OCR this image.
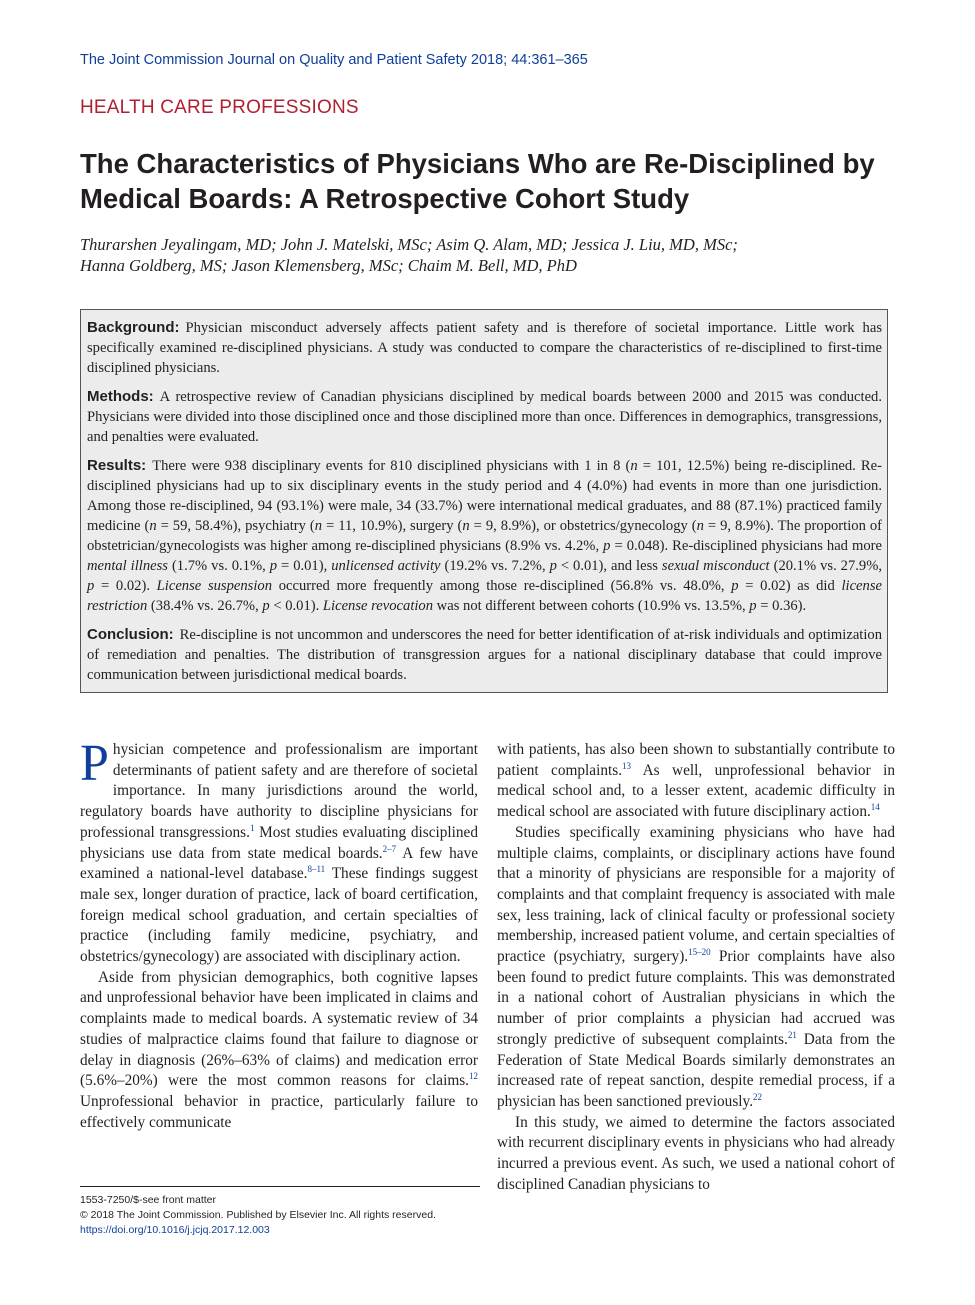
The Joint Commission Journal on Quality and Patient Safety 2018; 44:361–365
HEALTH CARE PROFESSIONS
The Characteristics of Physicians Who are Re-Disciplined by Medical Boards: A Retrospective Cohort Study
Thurarshen Jeyalingam, MD; John J. Matelski, MSc; Asim Q. Alam, MD; Jessica J. Liu, MD, MSc;
Hanna Goldberg, MS; Jason Klemensberg, MSc; Chaim M. Bell, MD, PhD

Background: Physician misconduct adversely affects patient safety and is therefore of societal importance. Little work has specifically examined re-disciplined physicians. A study was conducted to compare the characteristics of re-disciplined to first-time disciplined physicians.

Methods: A retrospective review of Canadian physicians disciplined by medical boards between 2000 and 2015 was conducted. Physicians were divided into those disciplined once and those disciplined more than once. Differences in demographics, transgressions, and penalties were evaluated.

Results: There were 938 disciplinary events for 810 disciplined physicians with 1 in 8 (n = 101, 12.5%) being re-disciplined. Re-disciplined physicians had up to six disciplinary events in the study period and 4 (4.0%) had events in more than one jurisdiction. Among those re-disciplined, 94 (93.1%) were male, 34 (33.7%) were international medical graduates, and 88 (87.1%) practiced family medicine (n = 59, 58.4%), psychiatry (n = 11, 10.9%), surgery (n = 9, 8.9%), or obstetrics/gynecology (n = 9, 8.9%). The proportion of obstetrician/gynecologists was higher among re-disciplined physicians (8.9% vs. 4.2%, p = 0.048). Re-disciplined physicians had more mental illness (1.7% vs. 0.1%, p = 0.01), unlicensed activity (19.2% vs. 7.2%, p < 0.01), and less sexual misconduct (20.1% vs. 27.9%, p = 0.02). License suspension occurred more frequently among those re-disciplined (56.8% vs. 48.0%, p = 0.02) as did license restriction (38.4% vs. 26.7%, p < 0.01). License revocation was not different between cohorts (10.9% vs. 13.5%, p = 0.36).

Conclusion: Re-discipline is not uncommon and underscores the need for better identification of at-risk individuals and optimization of remediation and penalties. The distribution of transgression argues for a national disciplinary database that could improve communication between jurisdictional medical boards.

Physician competence and professionalism are important determinants of patient safety and are therefore of societal importance. In many jurisdictions around the world, regulatory boards have authority to discipline physicians for professional transgressions.$^1$ Most studies evaluating disciplined physicians use data from state medical boards.$^{2-7}$ A few have examined a national-level database.$^{8-11}$ These findings suggest male sex, longer duration of practice, lack of board certification, foreign medical school graduation, and certain specialties of practice (including family medicine, psychiatry, and obstetrics/gynecology) are associated with disciplinary action.

Aside from physician demographics, both cognitive lapses and unprofessional behavior have been implicated in claims and complaints made to medical boards. A systematic review of 34 studies of malpractice claims found that failure to diagnose or delay in diagnosis (26%–63% of claims) and medication error (5.6%–20%) were the most common reasons for claims.$^{12}$ Unprofessional behavior in practice, particularly failure to effectively communicate

with patients, has also been shown to substantially contribute to patient complaints.$^{13}$ As well, unprofessional behavior in medical school and, to a lesser extent, academic difficulty in medical school are associated with future disciplinary action.$^{14}$

Studies specifically examining physicians who have had multiple claims, complaints, or disciplinary actions have found that a minority of physicians are responsible for a majority of complaints and that complaint frequency is associated with male sex, less training, lack of clinical faculty or professional society membership, increased patient volume, and certain specialties of practice (psychiatry, surgery).$^{15-20}$ Prior complaints have also been found to predict future complaints. This was demonstrated in a national cohort of Australian physicians in which the number of prior complaints a physician had accrued was strongly predictive of subsequent complaints.$^{21}$ Data from the Federation of State Medical Boards similarly demonstrates an increased rate of repeat sanction, despite remedial process, if a physician has been sanctioned previously.$^{22}$

In this study, we aimed to determine the factors associated with recurrent disciplinary events in physicians who had already incurred a previous event. As such, we used a national cohort of disciplined Canadian physicians to

1553-7250/$-see front matter
© 2018 The Joint Commission. Published by Elsevier Inc. All rights reserved.
https://doi.org/10.1016/j.jcjq.2017.12.003
